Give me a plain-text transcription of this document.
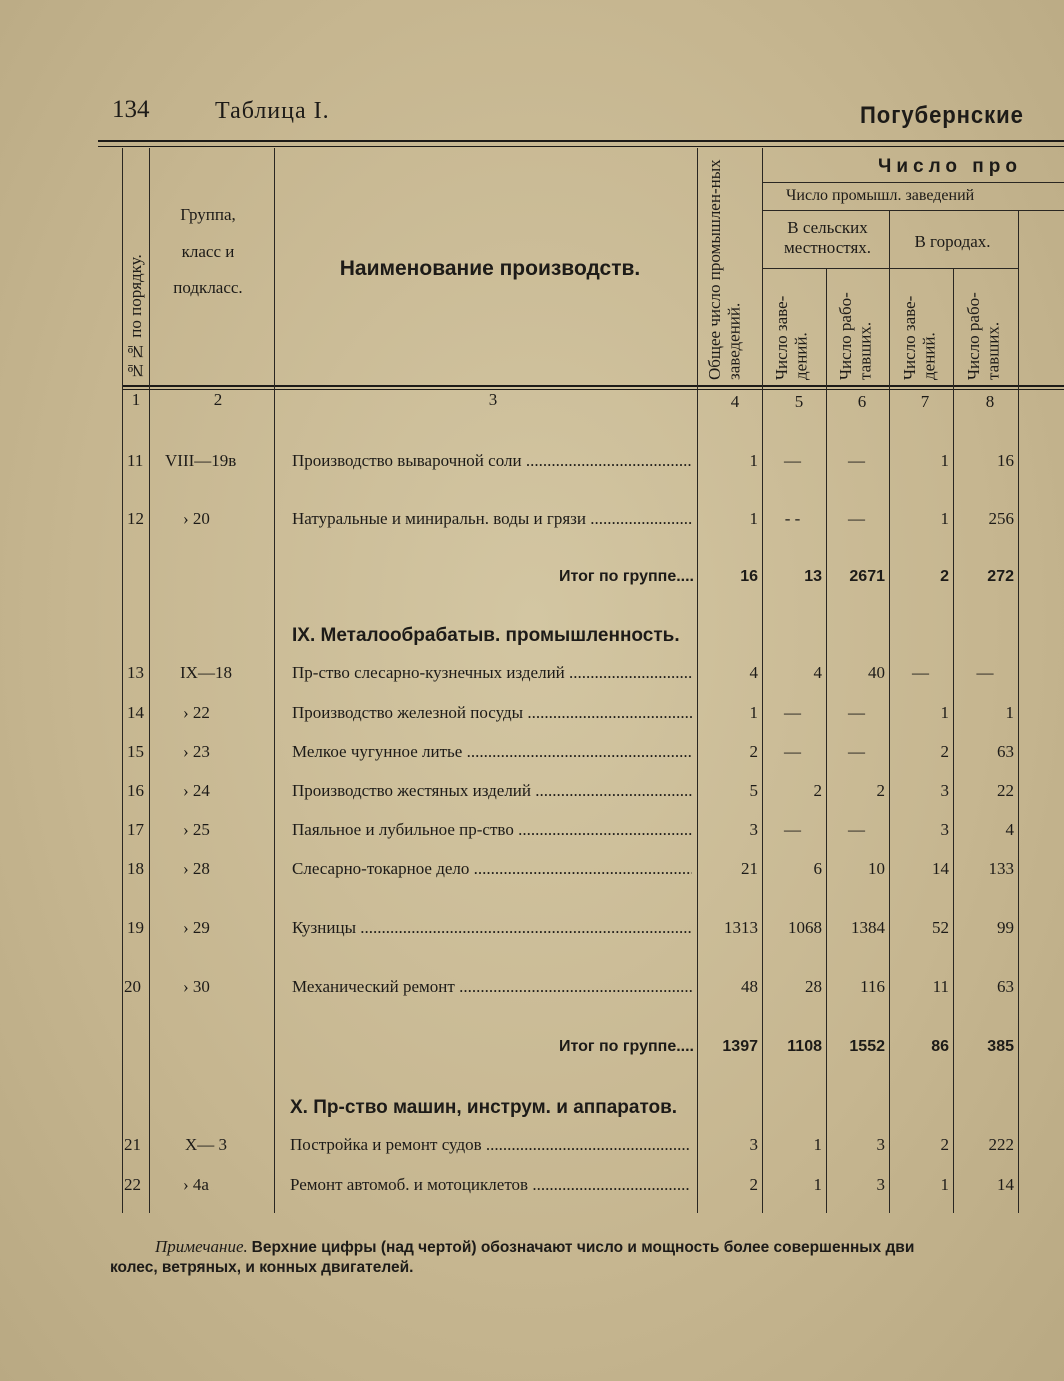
134	Таблица I.	Погубернские
№№ по порядку.
Группа,
класс и
подкласс.
Наименование производств.	Общее число промышлен-ных заведений.
Число про
Число промышл. заведений
В сельских местностях.	В городах.
Число заве-дений.	Число рабо-тавших.	Число заве-дений.	Число рабо-тавших.
1	2	3	4	5	6	7	8
11 VIII—19в	Производство выварочной соли .....	1	—	—	1	16
12 › 20	Натуральные и миниральн. воды и грязи .....	1	- -	—	1	256
Итог по группе....	16	13	2671	2	272
IX. Металообрабатыв. промышленность.
13 IX—18	Пр-ство слесарно-кузнечных изделий .....	4	4	40	—	—
14 › 22	Производство железной посуды .....	1	—	—	1	1
15 › 23	Мелкое чугунное литье .....	2	—	—	2	63
16 › 24	Производство жестяных изделий .....	5	2	2	3	22
17 › 25	Паяльное и лубильное пр-ство .....	3	—	—	3	4
18 › 28	Слесарно-токарное дело .....	21	6	10	14	133
19 › 29	Кузницы .....	1313	1068	1384	52	99
20 › 30	Механический ремонт .....	48	28	116	11	63
Итог по группе....	1397	1108	1552	86	385
X. Пр-ство машин, инструм. и аппаратов.
21	X— 3	Постройка и ремонт судов .....	3	1	3	2	222
22 › 4а	Ремонт автомоб. и мотоциклетов .....	2	1	3	1	14
Примечание. Верхние цифры (над чертой) обозначают число и мощность более совершенных дви
колес, ветряных, и конных двигателей.
